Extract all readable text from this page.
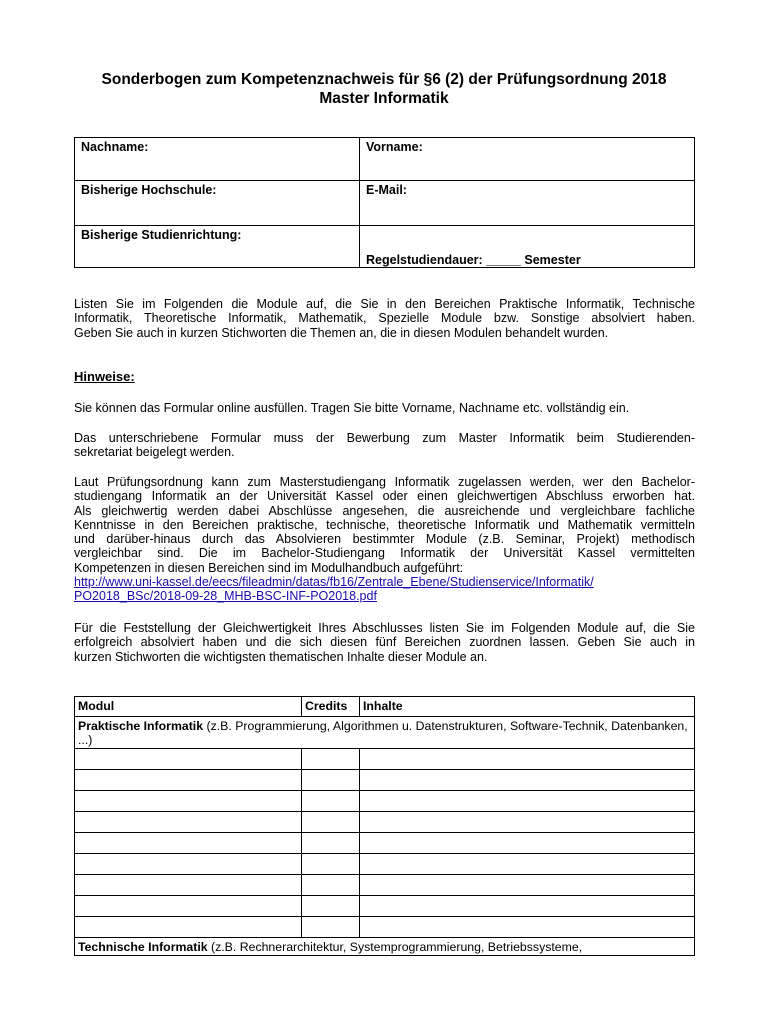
Sonderbogen zum Kompetenznachweis für §6 (2) der Prüfungsordnung 2018
Master Informatik
Nachname:	Vorname:
Bisherige Hochschule:	E-Mail:
Bisherige Studienrichtung:	Regelstudiendauer: _____ Semester
Listen Sie im Folgenden die Module auf, die Sie in den Bereichen Praktische Informatik, Technische
Informatik, Theoretische Informatik, Mathematik, Spezielle Module bzw. Sonstige absolviert haben.
Geben Sie auch in kurzen Stichworten die Themen an, die in diesen Modulen behandelt wurden.
Hinweise:
Sie können das Formular online ausfüllen. Tragen Sie bitte Vorname, Nachname etc. vollständig ein.
Das unterschriebene Formular muss der Bewerbung zum Master Informatik beim Studierenden-
sekretariat beigelegt werden.
Laut Prüfungsordnung kann zum Masterstudiengang Informatik zugelassen werden, wer den Bachelor-
studiengang Informatik an der Universität Kassel oder einen gleichwertigen Abschluss erworben hat.
Als gleichwertig werden dabei Abschlüsse angesehen, die ausreichende und vergleichbare fachliche
Kenntnisse in den Bereichen praktische, technische, theoretische Informatik und Mathematik vermitteln
und darüber-hinaus durch das Absolvieren bestimmter Module (z.B. Seminar, Projekt) methodisch
vergleichbar sind. Die im Bachelor-Studiengang Informatik der Universität Kassel vermittelten
Kompetenzen in diesen Bereichen sind im Modulhandbuch aufgeführt:
http://www.uni-kassel.de/eecs/fileadmin/datas/fb16/Zentrale_Ebene/Studienservice/Informatik/
PO2018_BSc/2018-09-28_MHB-BSC-INF-PO2018.pdf
Für die Feststellung der Gleichwertigkeit Ihres Abschlusses listen Sie im Folgenden Module auf, die Sie
erfolgreich absolviert haben und die sich diesen fünf Bereichen zuordnen lassen. Geben Sie auch in
kurzen Stichworten die wichtigsten thematischen Inhalte dieser Module an.
Modul	Credits	Inhalte
Praktische Informatik (z.B. Programmierung, Algorithmen u. Datenstrukturen, Software-Technik, Datenbanken, ...)		

Technische Informatik (z.B. Rechnerarchitektur, Systemprogrammierung, Betriebssysteme,		
